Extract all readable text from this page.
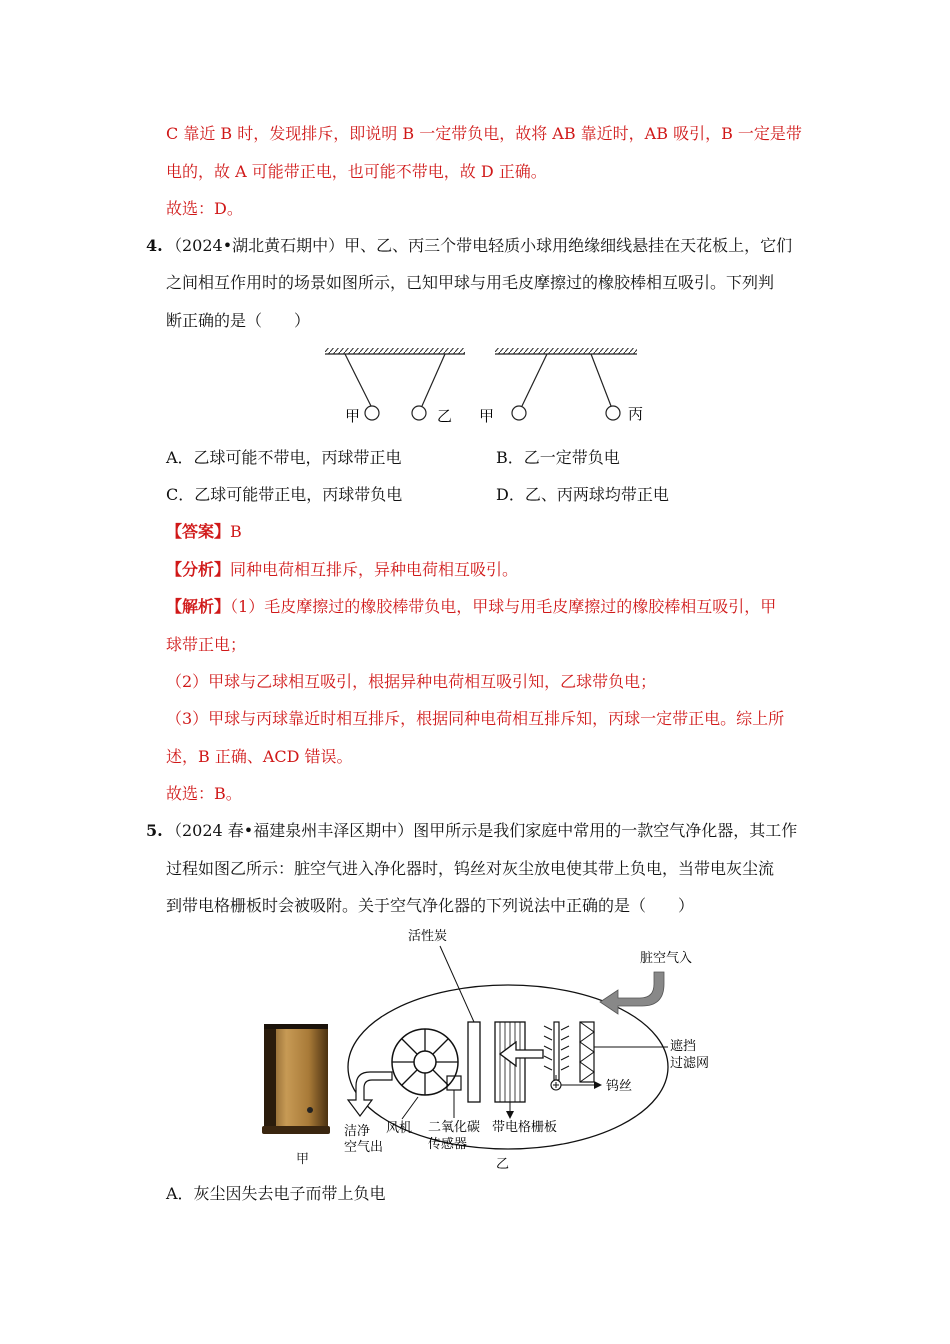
C 靠近 B 时，发现排斥，即说明 B 一定带负电，故将 AB 靠近时，AB 吸引，B 一定是带
电的，故 A 可能带正电，也可能不带电，故 D 正确。
故选：D。
4. （2024•湖北黄石期中）甲、乙、丙三个带电轻质小球用绝缘细线悬挂在天花板上，它们
之间相互作用时的场景如图所示，已知甲球与用毛皮摩擦过的橡胶棒相互吸引。下列判
断正确的是（　　）
甲	乙 甲	丙
A．乙球可能不带电，丙球带正电	B．乙一定带负电
C．乙球可能带正电，丙球带负电	D．乙、丙两球均带正电
【答案】B
【分析】同种电荷相互排斥，异种电荷相互吸引。
【解析】（1）毛皮摩擦过的橡胶棒带负电，甲球与用毛皮摩擦过的橡胶棒相互吸引，甲
球带正电；
（2）甲球与乙球相互吸引，根据异种电荷相互吸引知，乙球带负电；
（3）甲球与丙球靠近时相互排斥，根据同种电荷相互排斥知，丙球一定带正电。综上所
述，B 正确、ACD 错误。
故选：B。
5. （2024 春•福建泉州丰泽区期中）图甲所示是我们家庭中常用的一款空气净化器，其工作
过程如图乙所示：脏空气进入净化器时，钨丝对灰尘放电使其带上负电，当带电灰尘流
到带电格栅板时会被吸附。关于空气净化器的下列说法中正确的是（　　）
甲
活性炭
带电格栅板
钨丝
遮挡
过滤网
脏空气入
洁净
空气出
风机 二氧化碳
传感器
乙
A．灰尘因失去电子而带上负电
